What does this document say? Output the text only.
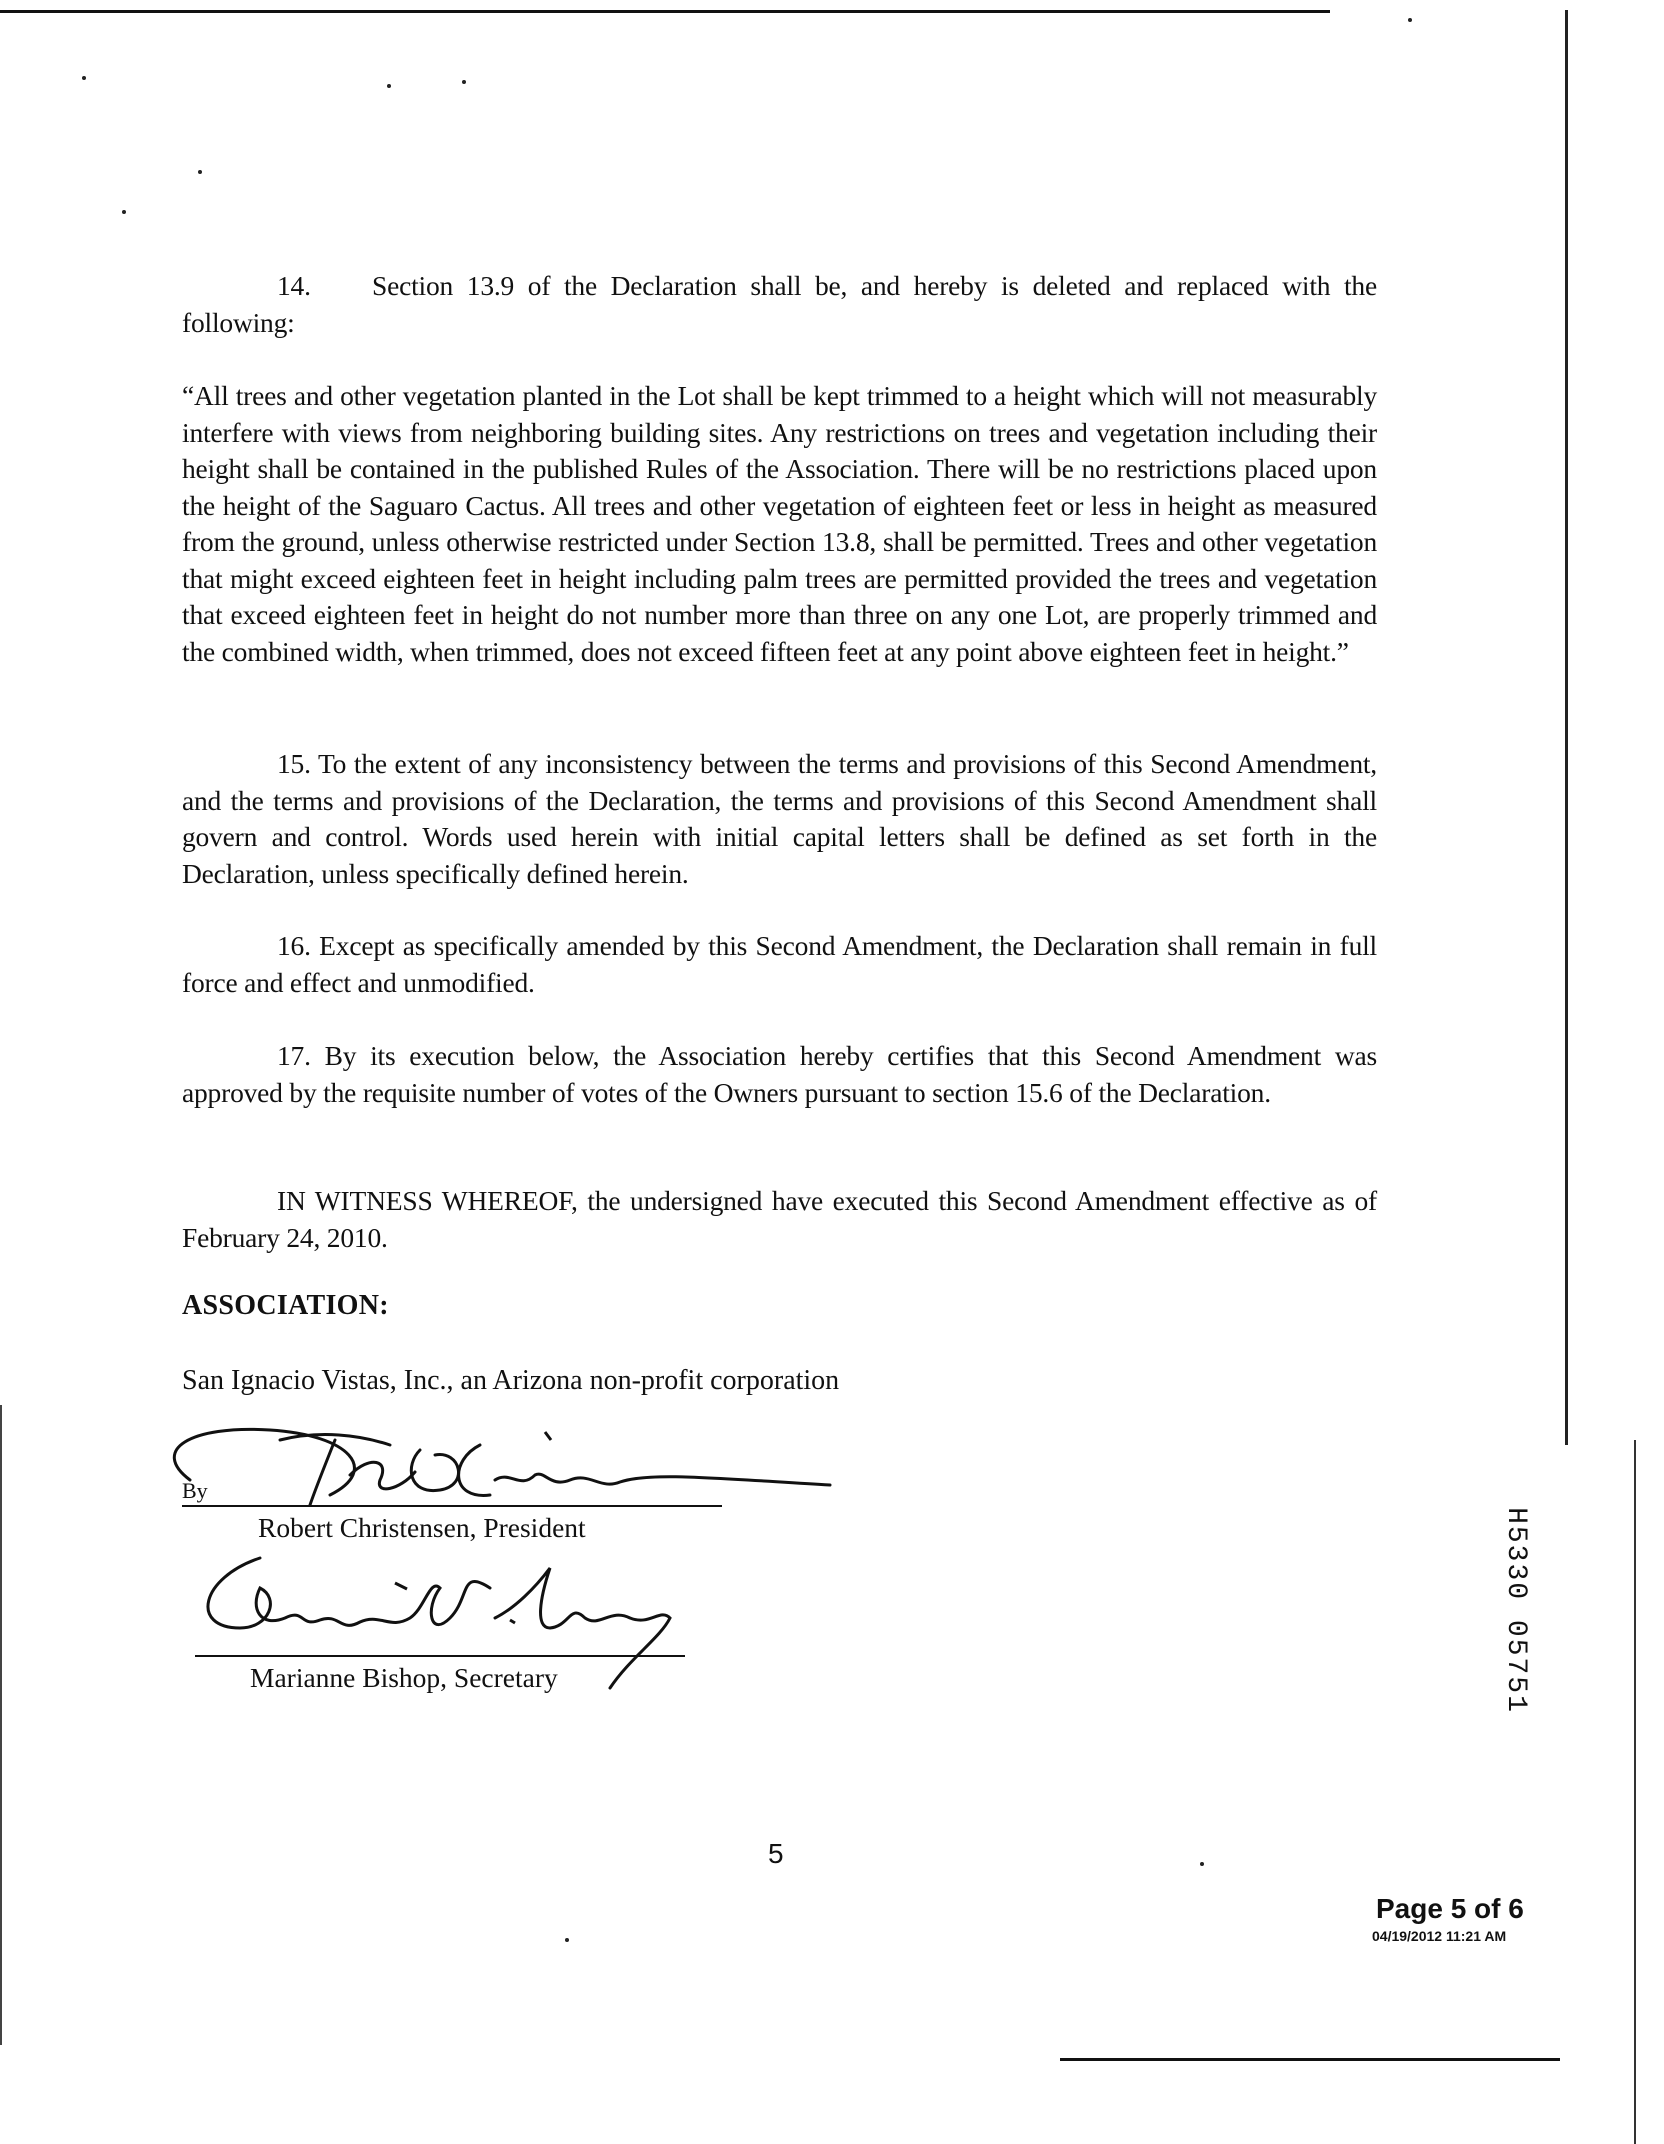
14. Section 13.9 of the Declaration shall be, and hereby is deleted and replaced with the following:
“All trees and other vegetation planted in the Lot shall be kept trimmed to a height which will not measurably interfere with views from neighboring building sites. Any restrictions on trees and vegetation including their height shall be contained in the published Rules of the Association. There will be no restrictions placed upon the height of the Saguaro Cactus. All trees and other vegetation of eighteen feet or less in height as measured from the ground, unless otherwise restricted under Section 13.8, shall be permitted. Trees and other vegetation that might exceed eighteen feet in height including palm trees are permitted provided the trees and vegetation that exceed eighteen feet in height do not number more than three on any one Lot, are properly trimmed and the combined width, when trimmed, does not exceed fifteen feet at any point above eighteen feet in height.”
15. To the extent of any inconsistency between the terms and provisions of this Second Amendment, and the terms and provisions of the Declaration, the terms and provisions of this Second Amendment shall govern and control. Words used herein with initial capital letters shall be defined as set forth in the Declaration, unless specifically defined herein.
16. Except as specifically amended by this Second Amendment, the Declaration shall remain in full force and effect and unmodified.
17. By its execution below, the Association hereby certifies that this Second Amendment was approved by the requisite number of votes of the Owners pursuant to section 15.6 of the Declaration.
IN WITNESS WHEREOF, the undersigned have executed this Second Amendment effective as of February 24, 2010.
ASSOCIATION:
San Ignacio Vistas, Inc., an Arizona non-profit corporation
By
Robert Christensen, President
Marianne Bishop, Secretary
5
Page 5 of 6
04/19/2012 11:21 AM
H5330 05751
